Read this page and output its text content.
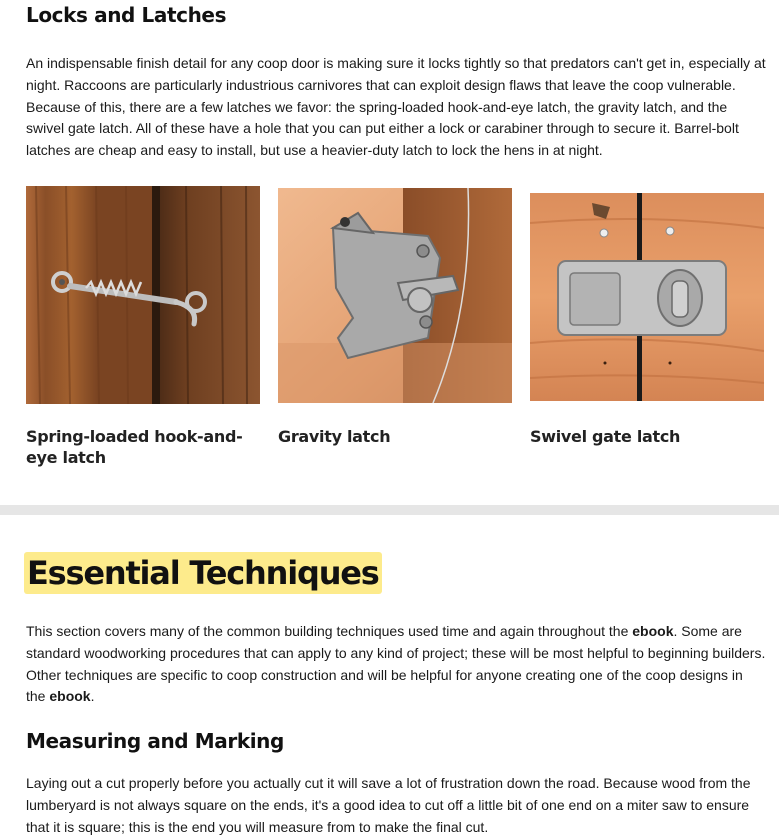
Locks and Latches

An indispensable finish detail for any coop door is making sure it locks tightly so that predators can't get in, especially at night. Raccoons are particularly industrious carnivores that can exploit design flaws that leave the coop vulnerable. Because of this, there are a few latches we favor: the spring-loaded hook-and-eye latch, the gravity latch, and the swivel gate latch. All of these have a hole that you can put either a lock or carabiner through to secure it. Barrel-bolt latches are cheap and easy to install, but use a heavier-duty latch to lock the hens in at night.

Spring-loaded hook-and-eye latch

Gravity latch	Swivel gate latch

Essential Techniques

This section covers many of the common building techniques used time and again throughout the ebook. Some are standard woodworking procedures that can apply to any kind of project; these will be most helpful to beginning builders. Other techniques are specific to coop construction and will be helpful for anyone creating one of the coop designs in the ebook.

Measuring and Marking

Laying out a cut properly before you actually cut it will save a lot of frustration down the road. Because wood from the lumberyard is not always square on the ends, it's a good idea to cut off a little bit of one end on a miter saw to ensure that it is square; this is the end you will measure from to make the final cut.
